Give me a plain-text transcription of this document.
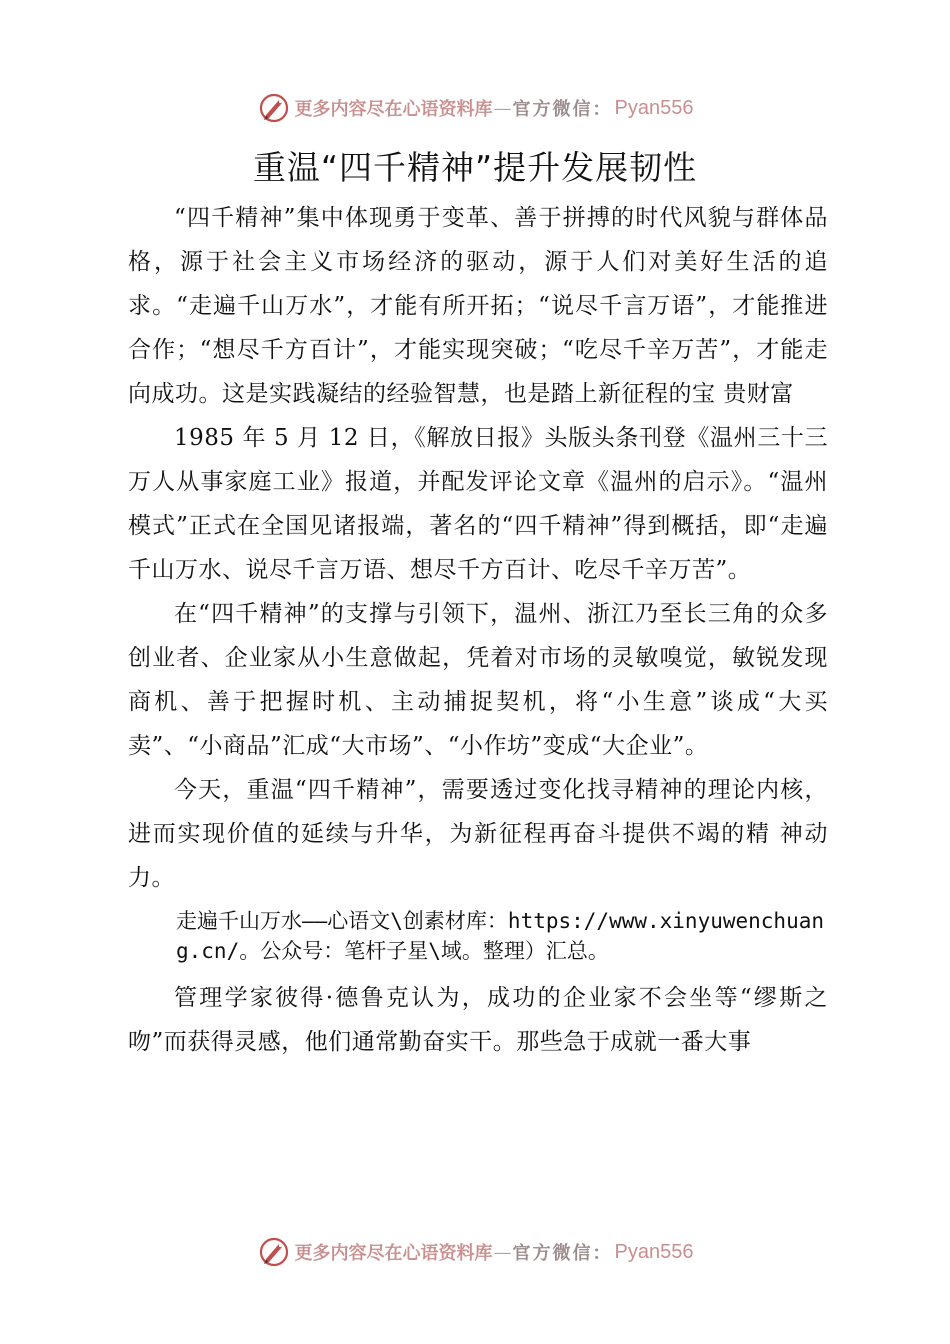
更多内容尽在心语资料库 — 官方微信： Pyan556
重温“四千精神”提升发展韧性

“四千精神”集中体现勇于变革、善于拼搏的时代风貌与群体品格，源于社会主义市场经济的驱动，源于人们对美好生活的追求。“走遍千山万水”，才能有所开拓；“说尽千言万语”，才能推进合作；“想尽千方百计”，才能实现突破；“吃尽千辛万苦”，才能走向成功。这是实践凝结的经验智慧，也是踏上新征程的宝 贵财富

1985 年 5 月 12 日，《解放日报》头版头条刊登《温州三十三万人从事家庭工业》报道，并配发评论文章《温州的启示》。“温州模式”正式在全国见诸报端，著名的“四千精神”得到概括，即“走遍千山万水、说尽千言万语、想尽千方百计、吃尽千辛万苦”。

在“四千精神”的支撑与引领下，温州、浙江乃至长三角的众多创业者、企业家从小生意做起，凭着对市场的灵敏嗅觉，敏锐发现商机、善于把握时机、主动捕捉契机，将“小生意”谈成“大买卖”、“小商品”汇成“大市场”、“小作坊”变成“大企业”。

今天，重温“四千精神”，需要透过变化找寻精神的理论内核，进而实现价值的延续与升华，为新征程再奋斗提供不竭的精 神动力。

走遍千山万水——心语文\创素材库：https://www.xinyuwenchuang.cn/。公众号：笔杆子星\域。整理）汇总。

管理学家彼得·德鲁克认为，成功的企业家不会坐等“缪斯之吻”而获得灵感，他们通常勤奋实干。那些急于成就一番大事

更多内容尽在心语资料库 — 官方微信： Pyan556
